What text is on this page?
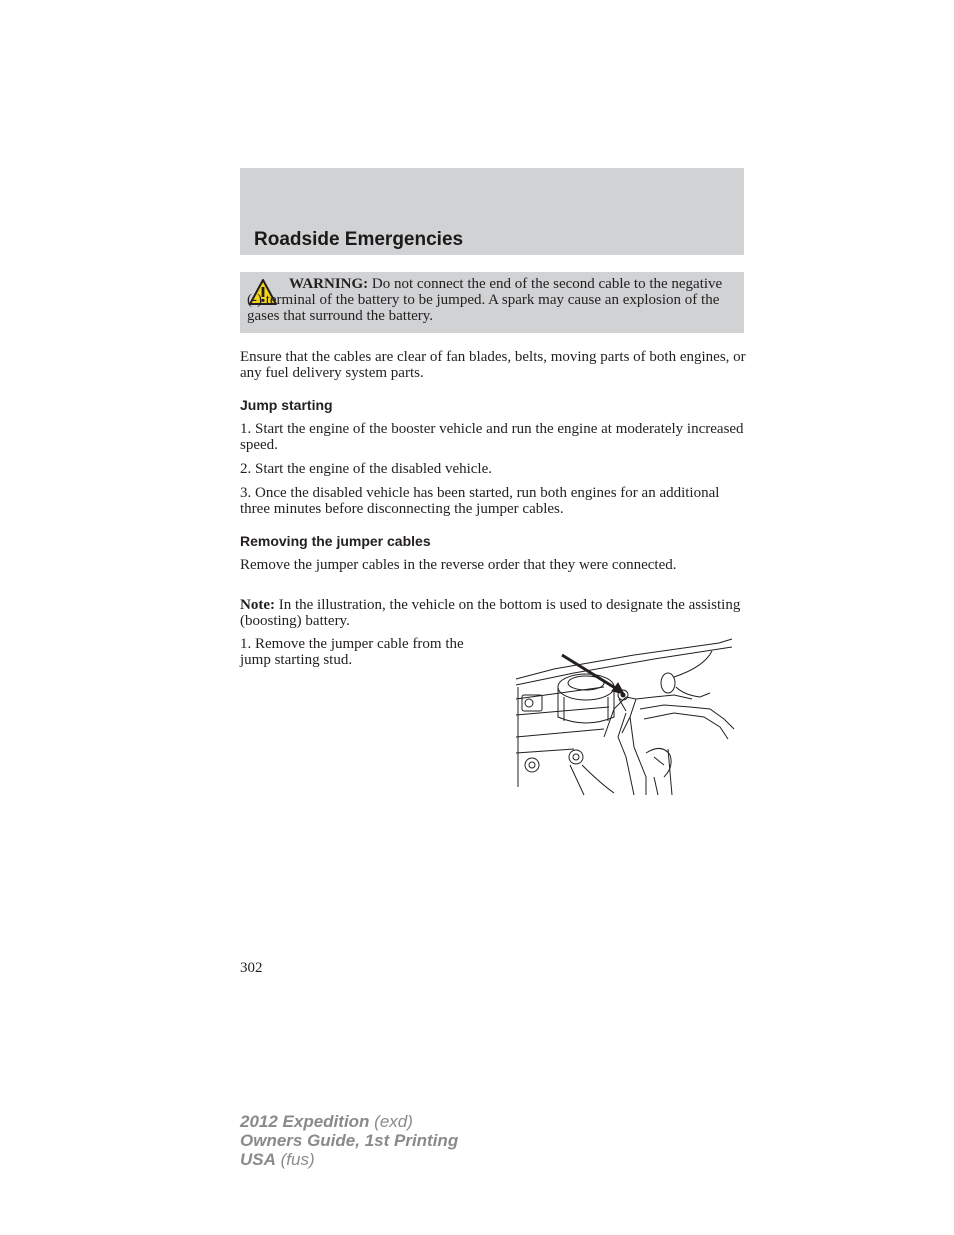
Roadside Emergencies

WARNING: Do not connect the end of the second cable to the negative (-) terminal of the battery to be jumped. A spark may cause an explosion of the gases that surround the battery.

Ensure that the cables are clear of fan blades, belts, moving parts of both engines, or any fuel delivery system parts.

Jump starting

1. Start the engine of the booster vehicle and run the engine at moderately increased speed.

2. Start the engine of the disabled vehicle.

3. Once the disabled vehicle has been started, run both engines for an additional three minutes before disconnecting the jumper cables.

Removing the jumper cables

Remove the jumper cables in the reverse order that they were connected.

Note: In the illustration, the vehicle on the bottom is used to designate the assisting (boosting) battery.

1. Remove the jumper cable from the jump starting stud.

302

2012 Expedition (exd)
Owners Guide, 1st Printing
USA (fus)
